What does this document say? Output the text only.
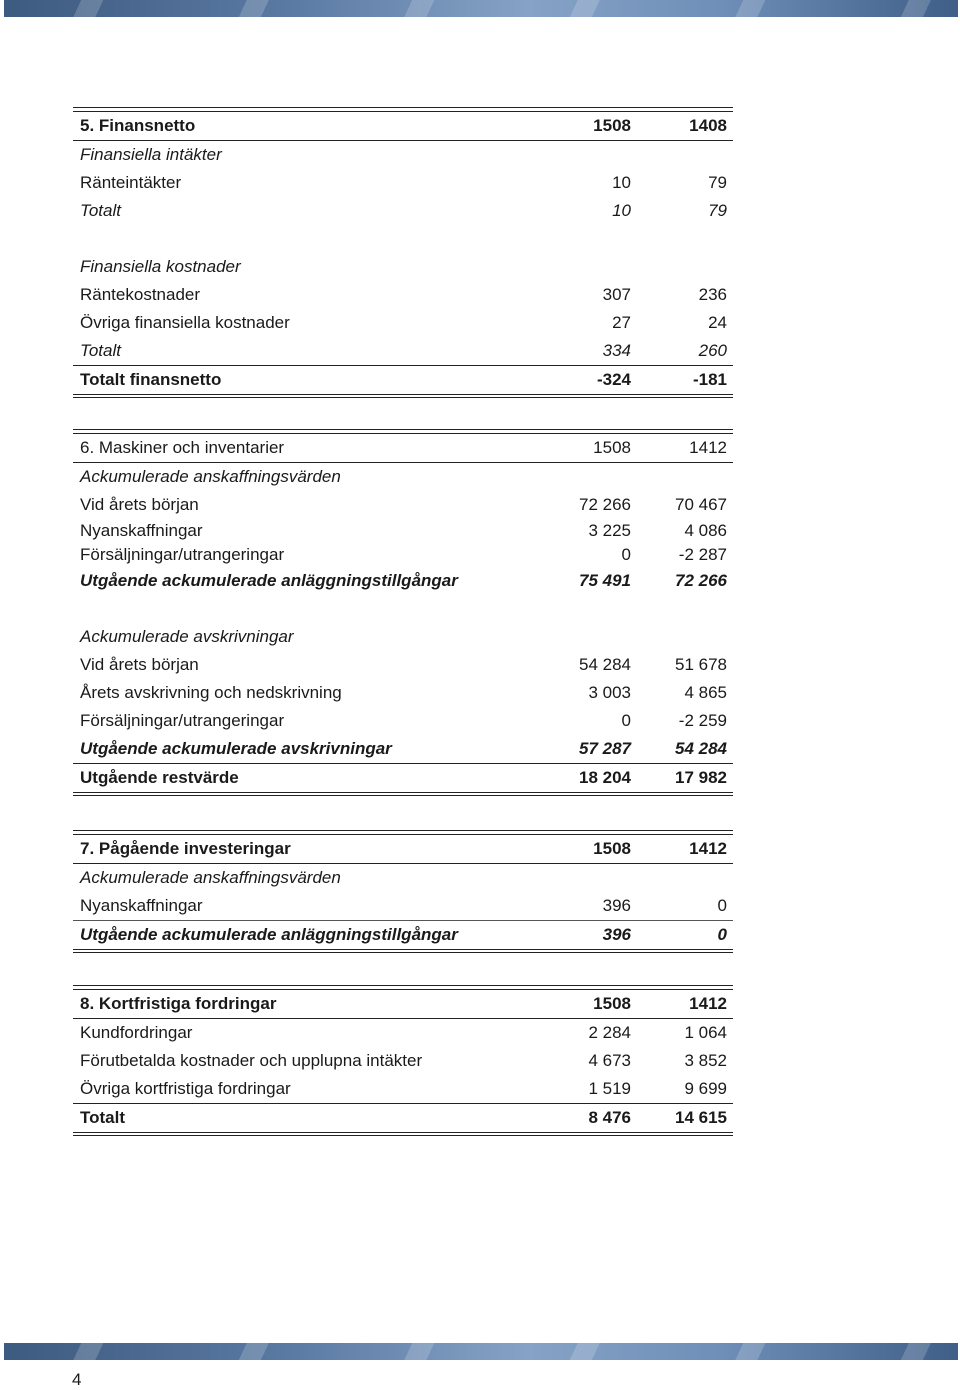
5. Finansnetto	1508	1408
Finansiella intäkter
Ränteintäkter	10	79
Totalt	10	79
Finansiella kostnader
Räntekostnader	307	236
Övriga finansiella kostnader	27	24
Totalt	334	260
Totalt finansnetto	-324	-181
6. Maskiner och inventarier	1508	1412
Ackumulerade anskaffningsvärden
Vid årets början	72 266	70 467
Nyanskaffningar	3 225	4 086
Försäljningar/utrangeringar	0	-2 287
Utgående ackumulerade anläggningstillgångar	75 491	72 266
Ackumulerade avskrivningar
Vid årets början	54 284	51 678
Årets avskrivning och nedskrivning	3 003	4 865
Försäljningar/utrangeringar	0	-2 259
Utgående ackumulerade avskrivningar	57 287	54 284
Utgående restvärde	18 204	17 982
7. Pågående investeringar	1508	1412
Ackumulerade anskaffningsvärden
Nyanskaffningar	396	0
Utgående ackumulerade anläggningstillgångar	396	0
8. Kortfristiga fordringar	1508	1412
Kundfordringar	2 284	1 064
Förutbetalda kostnader och upplupna intäkter	4 673	3 852
Övriga kortfristiga fordringar	1 519	9 699
Totalt	8 476	14 615
4
